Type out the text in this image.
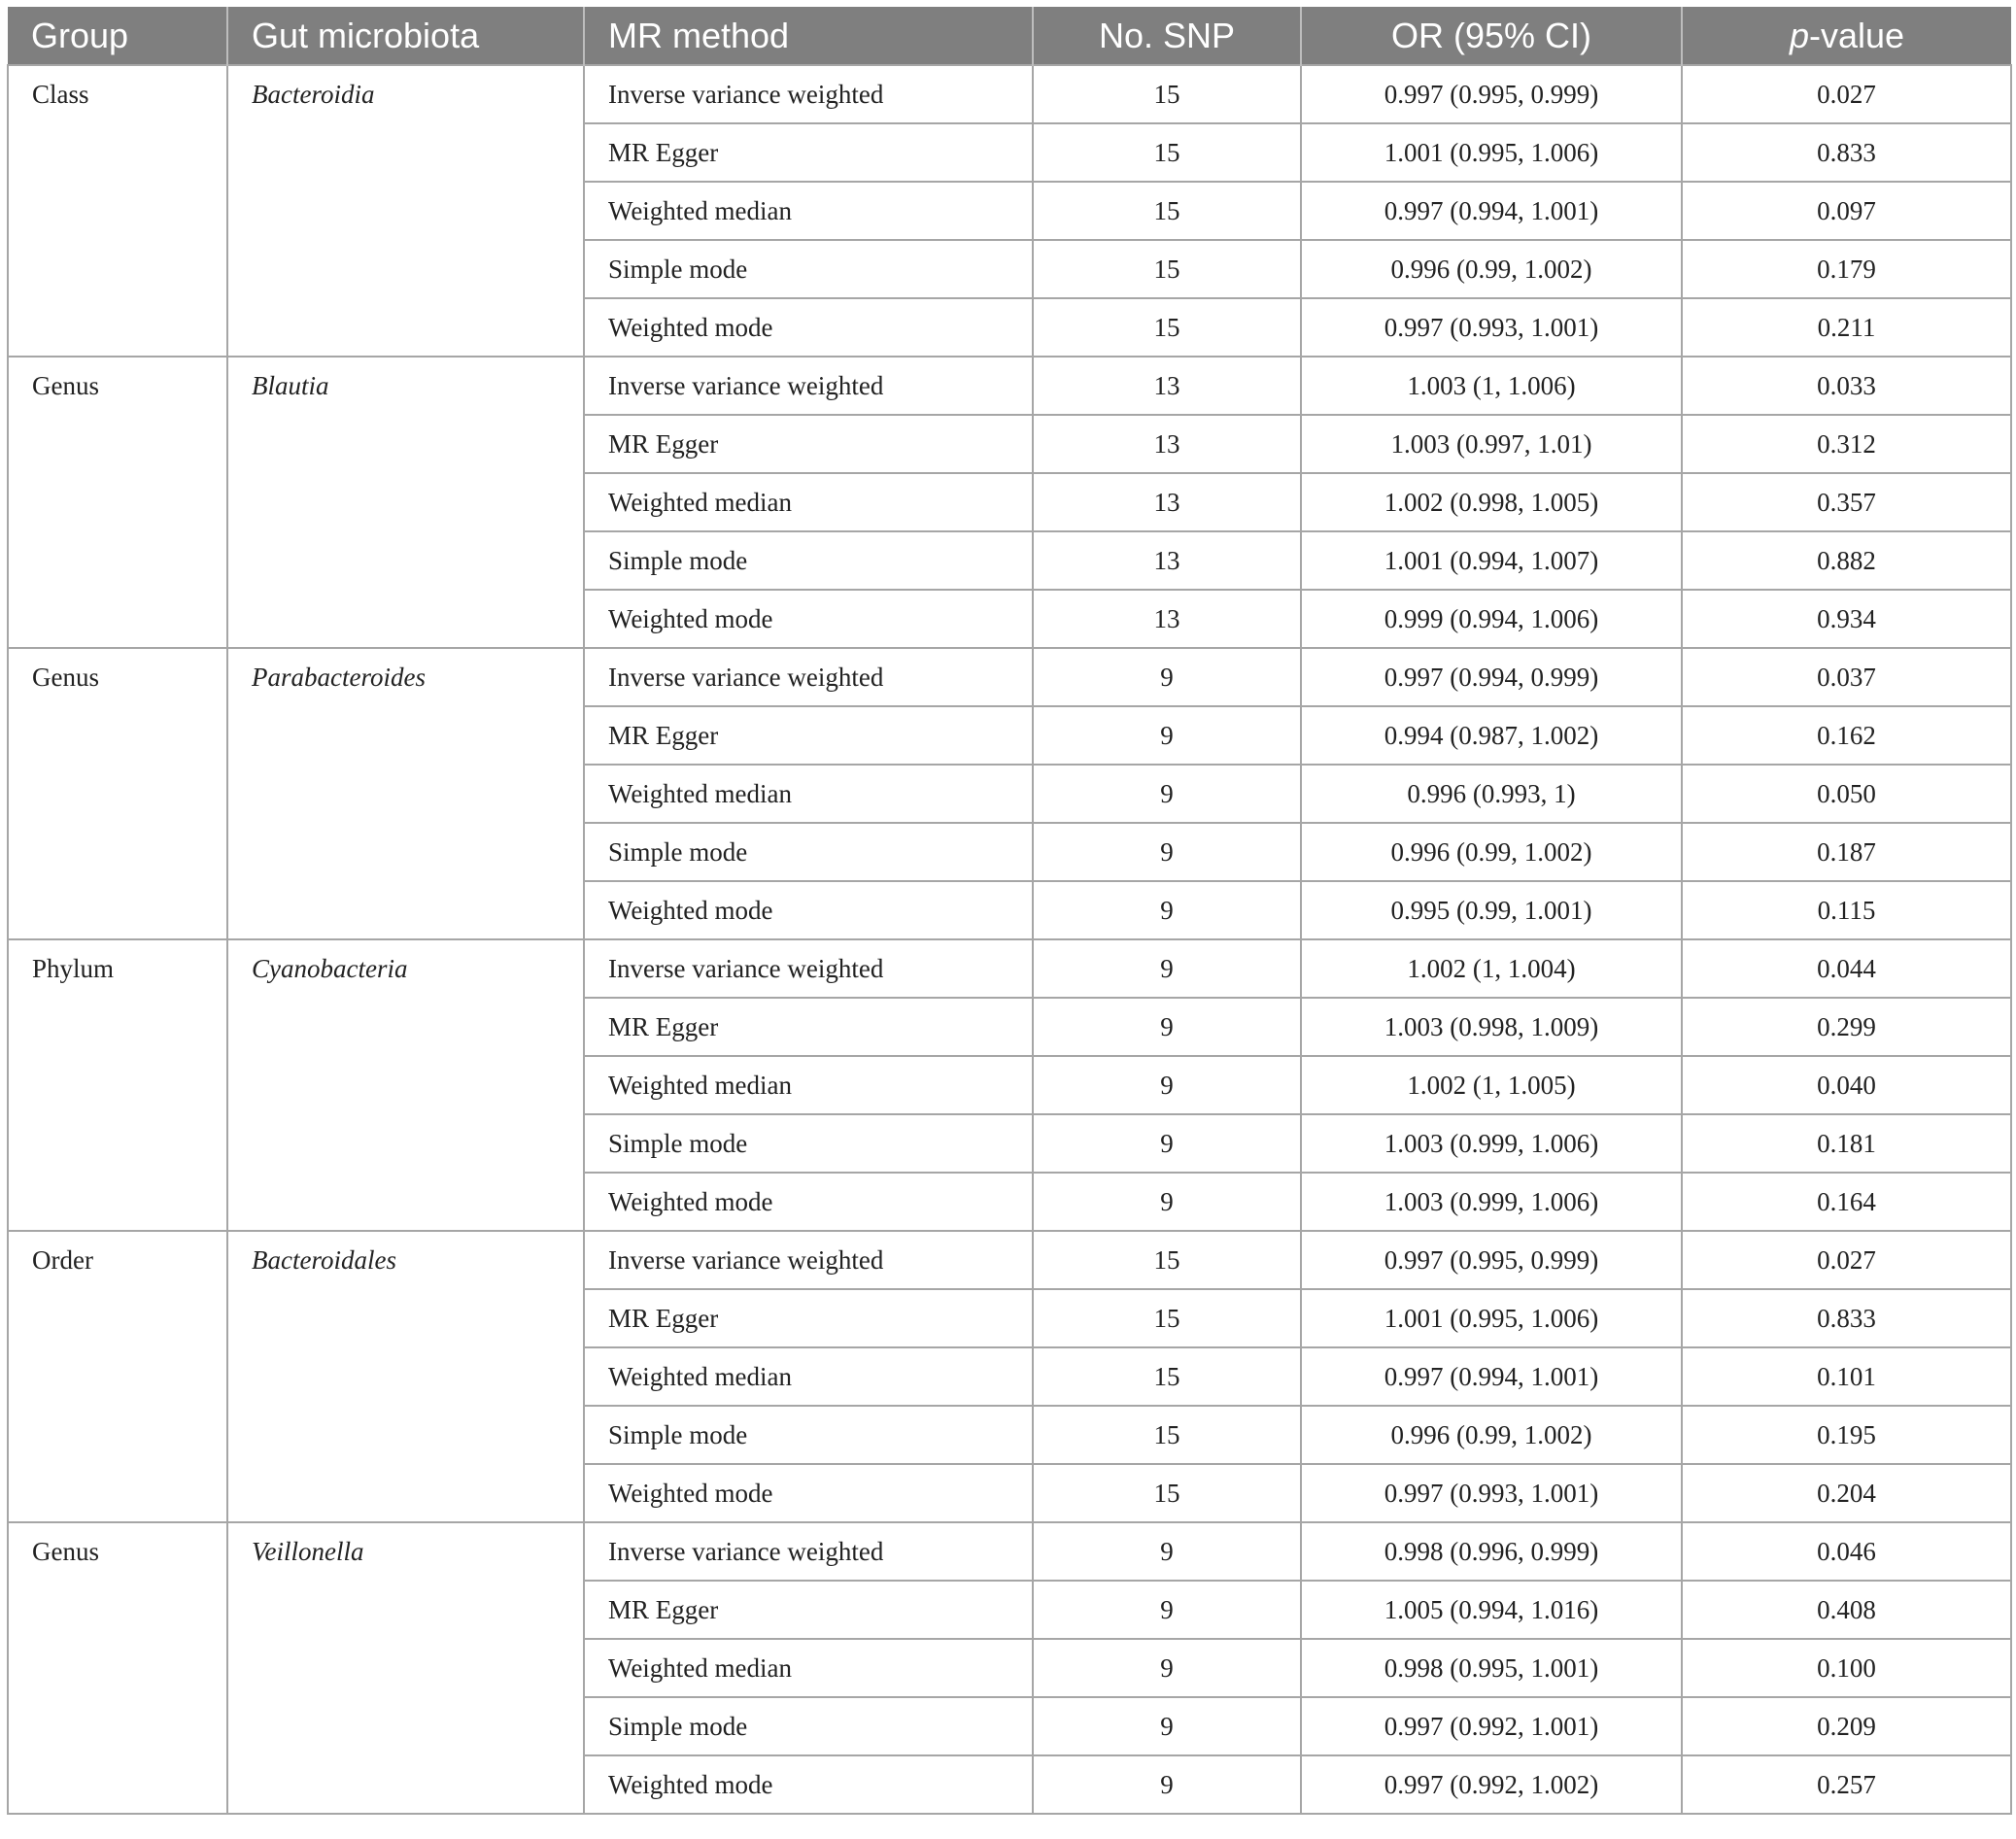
Group	Gut microbiota	MR method	No. SNP	OR (95% CI)	p-value
Class	Bacteroidia	Inverse variance weighted	15	0.997 (0.995, 0.999)	0.027
		MR Egger	15	1.001 (0.995, 1.006)	0.833
		Weighted median	15	0.997 (0.994, 1.001)	0.097
		Simple mode	15	0.996 (0.99, 1.002)	0.179
		Weighted mode	15	0.997 (0.993, 1.001)	0.211
Genus	Blautia	Inverse variance weighted	13	1.003 (1, 1.006)	0.033
		MR Egger	13	1.003 (0.997, 1.01)	0.312
		Weighted median	13	1.002 (0.998, 1.005)	0.357
		Simple mode	13	1.001 (0.994, 1.007)	0.882
		Weighted mode	13	0.999 (0.994, 1.006)	0.934
Genus	Parabacteroides	Inverse variance weighted	9	0.997 (0.994, 0.999)	0.037
		MR Egger	9	0.994 (0.987, 1.002)	0.162
		Weighted median	9	0.996 (0.993, 1)	0.050
		Simple mode	9	0.996 (0.99, 1.002)	0.187
		Weighted mode	9	0.995 (0.99, 1.001)	0.115
Phylum	Cyanobacteria	Inverse variance weighted	9	1.002 (1, 1.004)	0.044
		MR Egger	9	1.003 (0.998, 1.009)	0.299
		Weighted median	9	1.002 (1, 1.005)	0.040
		Simple mode	9	1.003 (0.999, 1.006)	0.181
		Weighted mode	9	1.003 (0.999, 1.006)	0.164
Order	Bacteroidales	Inverse variance weighted	15	0.997 (0.995, 0.999)	0.027
		MR Egger	15	1.001 (0.995, 1.006)	0.833
		Weighted median	15	0.997 (0.994, 1.001)	0.101
		Simple mode	15	0.996 (0.99, 1.002)	0.195
		Weighted mode	15	0.997 (0.993, 1.001)	0.204
Genus	Veillonella	Inverse variance weighted	9	0.998 (0.996, 0.999)	0.046
		MR Egger	9	1.005 (0.994, 1.016)	0.408
		Weighted median	9	0.998 (0.995, 1.001)	0.100
		Simple mode	9	0.997 (0.992, 1.001)	0.209
		Weighted mode	9	0.997 (0.992, 1.002)	0.257
